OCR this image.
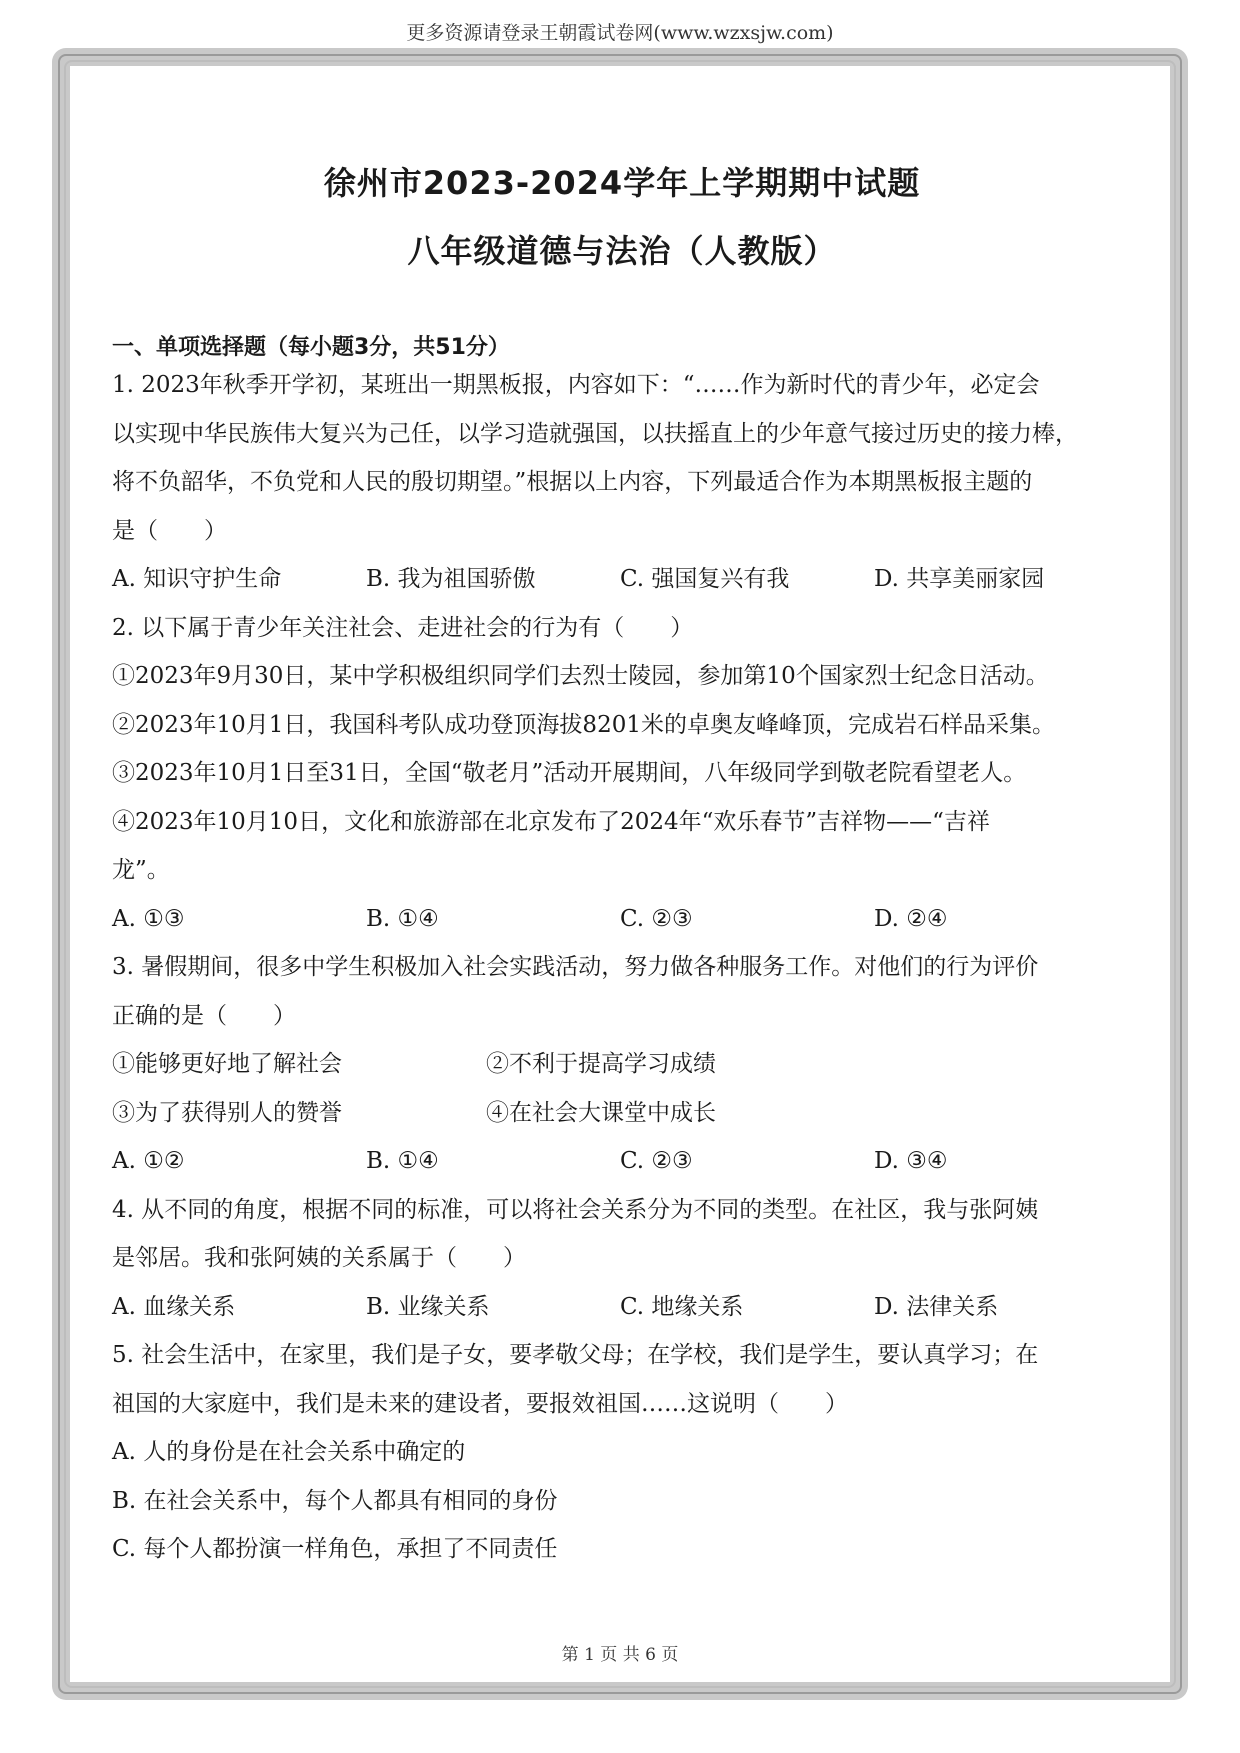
更多资源请登录王朝霞试卷网(www.wzxsjw.com)
徐州市2023-2024学年上学期期中试题
八年级道德与法治（人教版）
一、单项选择题（每小题3分，共51分）

1. 2023年秋季开学初，某班出一期黑板报，内容如下：“……作为新时代的青少年，必定会

以实现中华民族伟大复兴为己任，以学习造就强国，以扶摇直上的少年意气接过历史的接力棒，

将不负韶华，不负党和人民的殷切期望。”根据以上内容，下列最适合作为本期黑板报主题的

是（　　）

A. 知识守护生命	B. 我为祖国骄傲	C. 强国复兴有我	D. 共享美丽家园

2. 以下属于青少年关注社会、走进社会的行为有（　　）

①2023年9月30日，某中学积极组织同学们去烈士陵园，参加第10个国家烈士纪念日活动。

②2023年10月1日，我国科考队成功登顶海拔8201米的卓奥友峰峰顶，完成岩石样品采集。

③2023年10月1日至31日，全国“敬老月”活动开展期间，八年级同学到敬老院看望老人。

④2023年10月10日，文化和旅游部在北京发布了2024年“欢乐春节”吉祥物——“吉祥

龙”。

A. ①③	B. ①④	C. ②③	D. ②④

3. 暑假期间，很多中学生积极加入社会实践活动，努力做各种服务工作。对他们的行为评价

正确的是（　　）

①能够更好地了解社会	②不利于提高学习成绩
③为了获得别人的赞誉	④在社会大课堂中成长
A. ①②	B. ①④	C. ②③	D. ③④

4. 从不同的角度，根据不同的标准，可以将社会关系分为不同的类型。在社区，我与张阿姨

是邻居。我和张阿姨的关系属于（　　）

A. 血缘关系	B. 业缘关系	C. 地缘关系	D. 法律关系

5. 社会生活中，在家里，我们是子女，要孝敬父母；在学校，我们是学生，要认真学习；在

祖国的大家庭中，我们是未来的建设者，要报效祖国……这说明（　　）

A. 人的身份是在社会关系中确定的

B. 在社会关系中，每个人都具有相同的身份

C. 每个人都扮演一样角色，承担了不同责任

第 1 页 共 6 页
